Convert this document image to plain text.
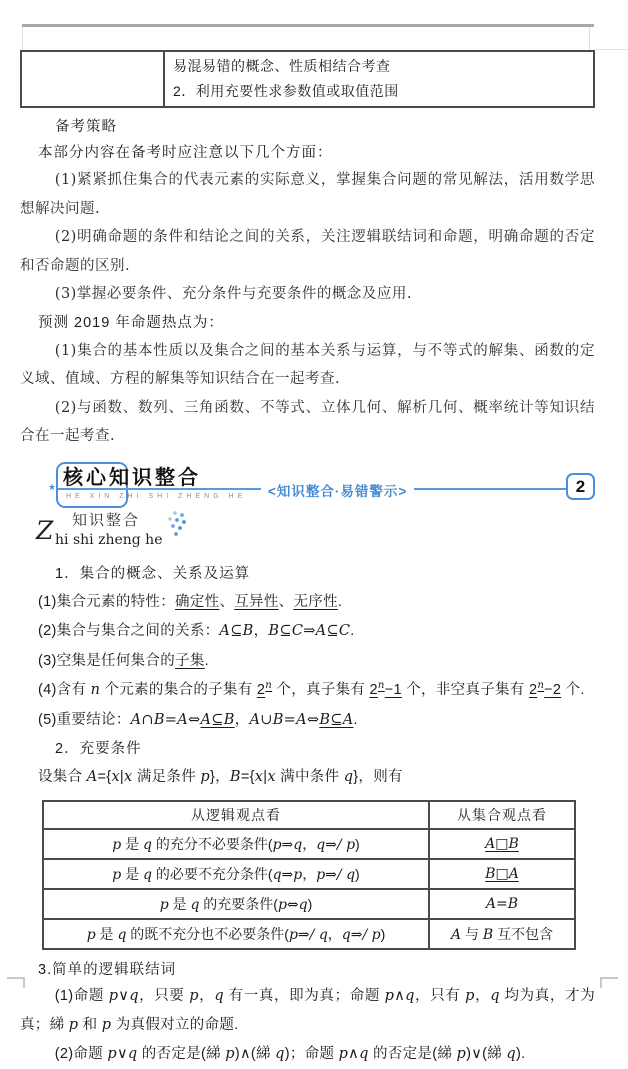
易混易错的概念、性质相结合考查
2．利用充要性求参数值或取值范围
备考策略
本部分内容在备考时应注意以下几个方面：

(1)紧紧抓住集合的代表元素的实际意义，掌握集合问题的常见解法，活用数学思想解决问题.

(2)明确命题的条件和结论之间的关系，关注逻辑联结词和命题，明确命题的否定和否命题的区别.

(3)掌握必要条件、充分条件与充要条件的概念及应用.

预测 2019 年命题热点为：

(1)集合的基本性质以及集合之间的基本关系与运算，与不等式的解集、函数的定义域、值域、方程的解集等知识结合在一起考查.

(2)与函数、数列、三角函数、不等式、立体几何、解析几何、概率统计等知识结合在一起考查.

★ 核心知识整合
HE XIN ZHI SHI ZHENG HE	<知识整合·易错警示>	2
Z 知识整合
hi shi zheng he
1．集合的概念、关系及运算
(1)集合元素的特性：确定性、互异性、无序性.
(2)集合与集合之间的关系：A⊆B，B⊆C⇒A⊆C.
(3)空集是任何集合的子集.
(4)含有 n 个元素的集合的子集有 2$^n$ 个，真子集有 $2^n-1$ 个，非空真子集有 $2^n-2$ 个.
(5)重要结论：A∩B=A⇔A⊆B，A∪B=A⇔B⊆A.
2．充要条件
设集合 A={x|x 满足条件 p}，B={x|x 满中条件 q}，则有
从逻辑观点看	从集合观点看
p 是 q 的充分不必要条件(p⇒q，q⇒/ p)	A□B
p 是 q 的必要不充分条件(q⇒p，p⇒/ q)	B□A
p 是 q 的充要条件(p⇔q)	A=B
p 是 q 的既不充分也不必要条件(p⇒/ q，q⇒/ p)	A 与 B 互不包含
3.简单的逻辑联结词

(1)命题 p∨q，只要 p，q 有一真，即为真；命题 p∧q，只有 p，q 均为真，才为真；綈 p 和 p 为真假对立的命题.

(2)命题 p∨q 的否定是(綈 p)∧(綈 q)；命题 p∧q 的否定是(綈 p)∨(綈 q).
